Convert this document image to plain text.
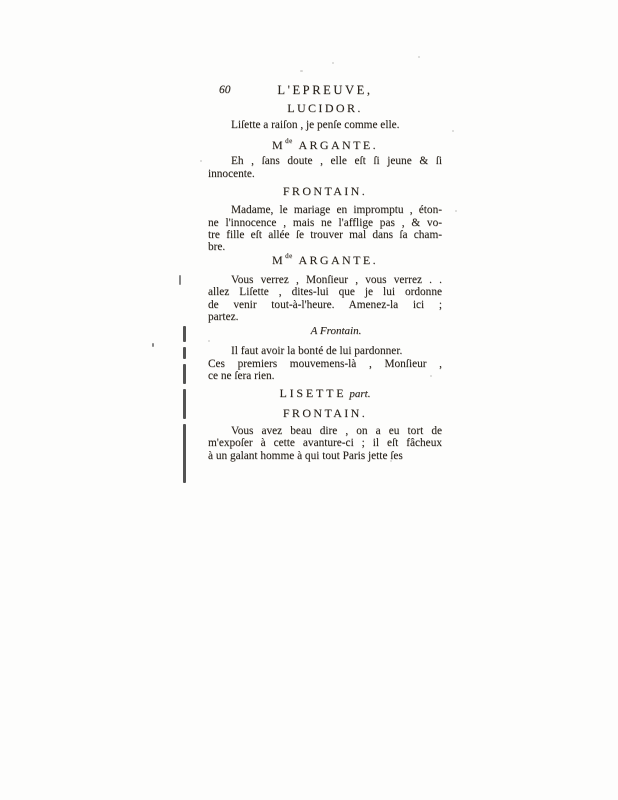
60	L'EPREUVE,
LUCIDOR.

Liſette a raiſon , je penſe comme elle.

Mde ARGANTE.

Eh , ſans doute , elle eſt ſi jeune & ſi
innocente.

FRONTAIN.

Madame, le mariage en impromptu , éton-
ne l'innocence , mais ne l'afflige pas , & vo-
tre fille eſt allée ſe trouver mal dans ſa cham-
bre.

Mde ARGANTE.

Vous verrez , Monſieur , vous verrez . .
allez Liſette , dites-lui que je lui ordonne
de venir tout-à-l'heure. Amenez-la ici ;
partez.

A Frontain.

Il faut avoir la bonté de lui pardonner.
Ces premiers mouvemens-là , Monſieur ,
ce ne ſera rien.

LISETTE part.
FRONTAIN.

Vous avez beau dire , on a eu tort de
m'expoſer à cette avanture-ci ; il eſt fâcheux
à un galant homme à qui tout Paris jette ſes
